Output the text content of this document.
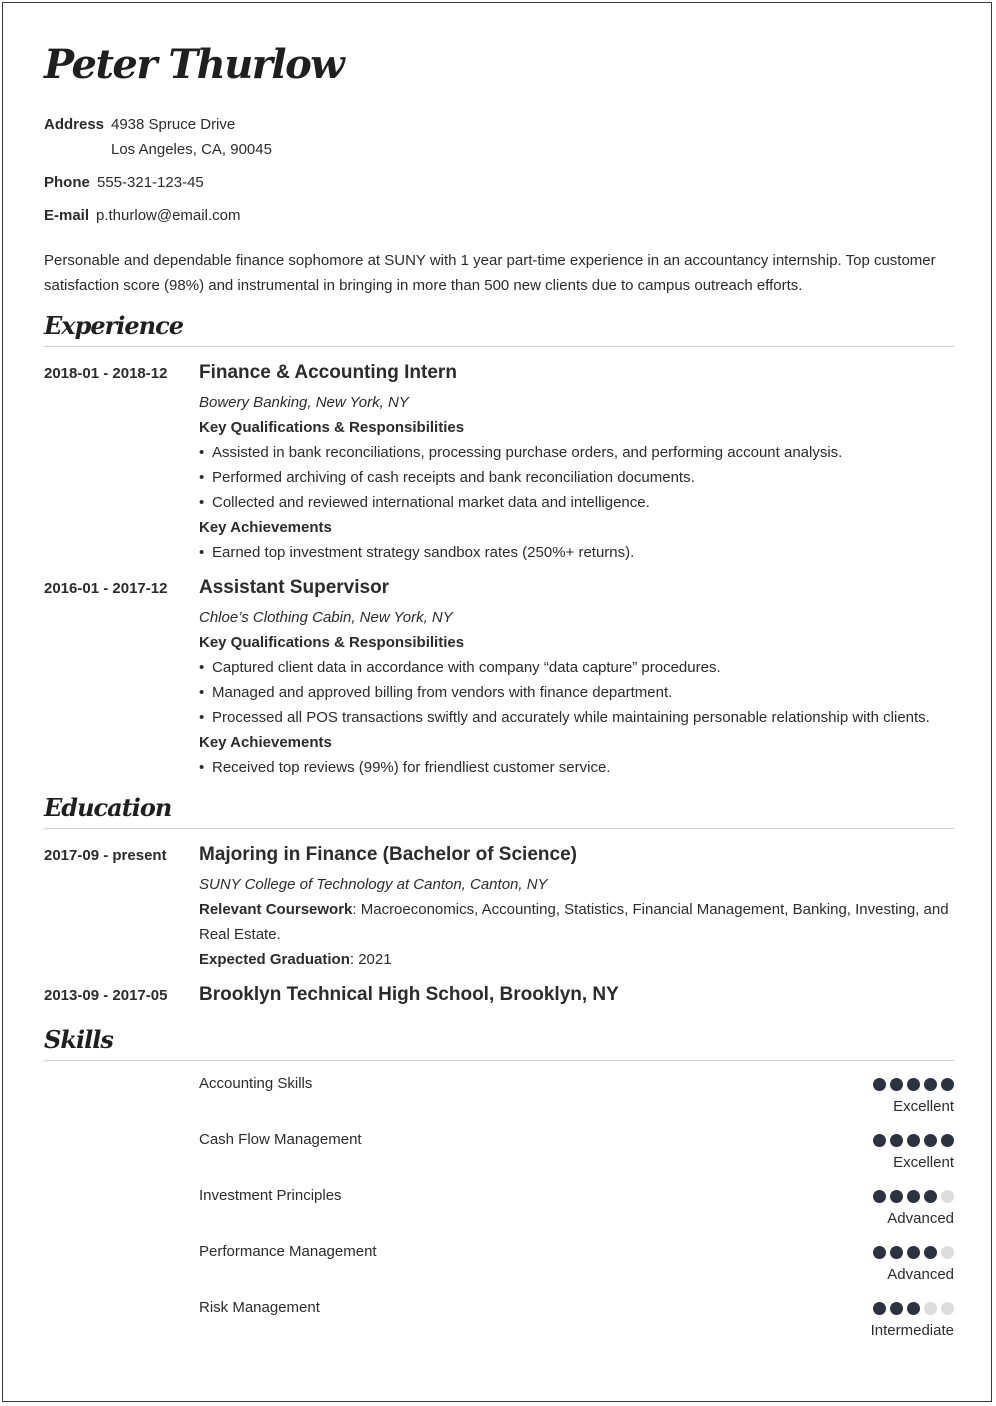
Peter Thurlow
Address 4938 Spruce Drive
Los Angeles, CA, 90045
Phone 555-321-123-45
E-mail p.thurlow@email.com
Personable and dependable finance sophomore at SUNY with 1 year part-time experience in an accountancy internship. Top customer satisfaction score (98%) and instrumental in bringing in more than 500 new clients due to campus outreach efforts.
Experience
2018-01 - 2018-12 Finance & Accounting Intern
Bowery Banking, New York, NY
Key Qualifications & Responsibilities
• Assisted in bank reconciliations, processing purchase orders, and performing account analysis.
• Performed archiving of cash receipts and bank reconciliation documents.
• Collected and reviewed international market data and intelligence.
Key Achievements
• Earned top investment strategy sandbox rates (250%+ returns).
2016-01 - 2017-12 Assistant Supervisor
Chloe’s Clothing Cabin, New York, NY
Key Qualifications & Responsibilities
• Captured client data in accordance with company “data capture” procedures.
• Managed and approved billing from vendors with finance department.
• Processed all POS transactions swiftly and accurately while maintaining personable relationship with clients.
Key Achievements
• Received top reviews (99%) for friendliest customer service.
Education
2017-09 - present Majoring in Finance (Bachelor of Science)
SUNY College of Technology at Canton, Canton, NY
Relevant Coursework: Macroeconomics, Accounting, Statistics, Financial Management, Banking, Investing, and
Real Estate.
Expected Graduation: 2021
2013-09 - 2017-05 Brooklyn Technical High School, Brooklyn, NY
Skills
Accounting Skills
Excellent
Cash Flow Management
Excellent
Investment Principles
Advanced
Performance Management
Advanced
Risk Management
Intermediate
